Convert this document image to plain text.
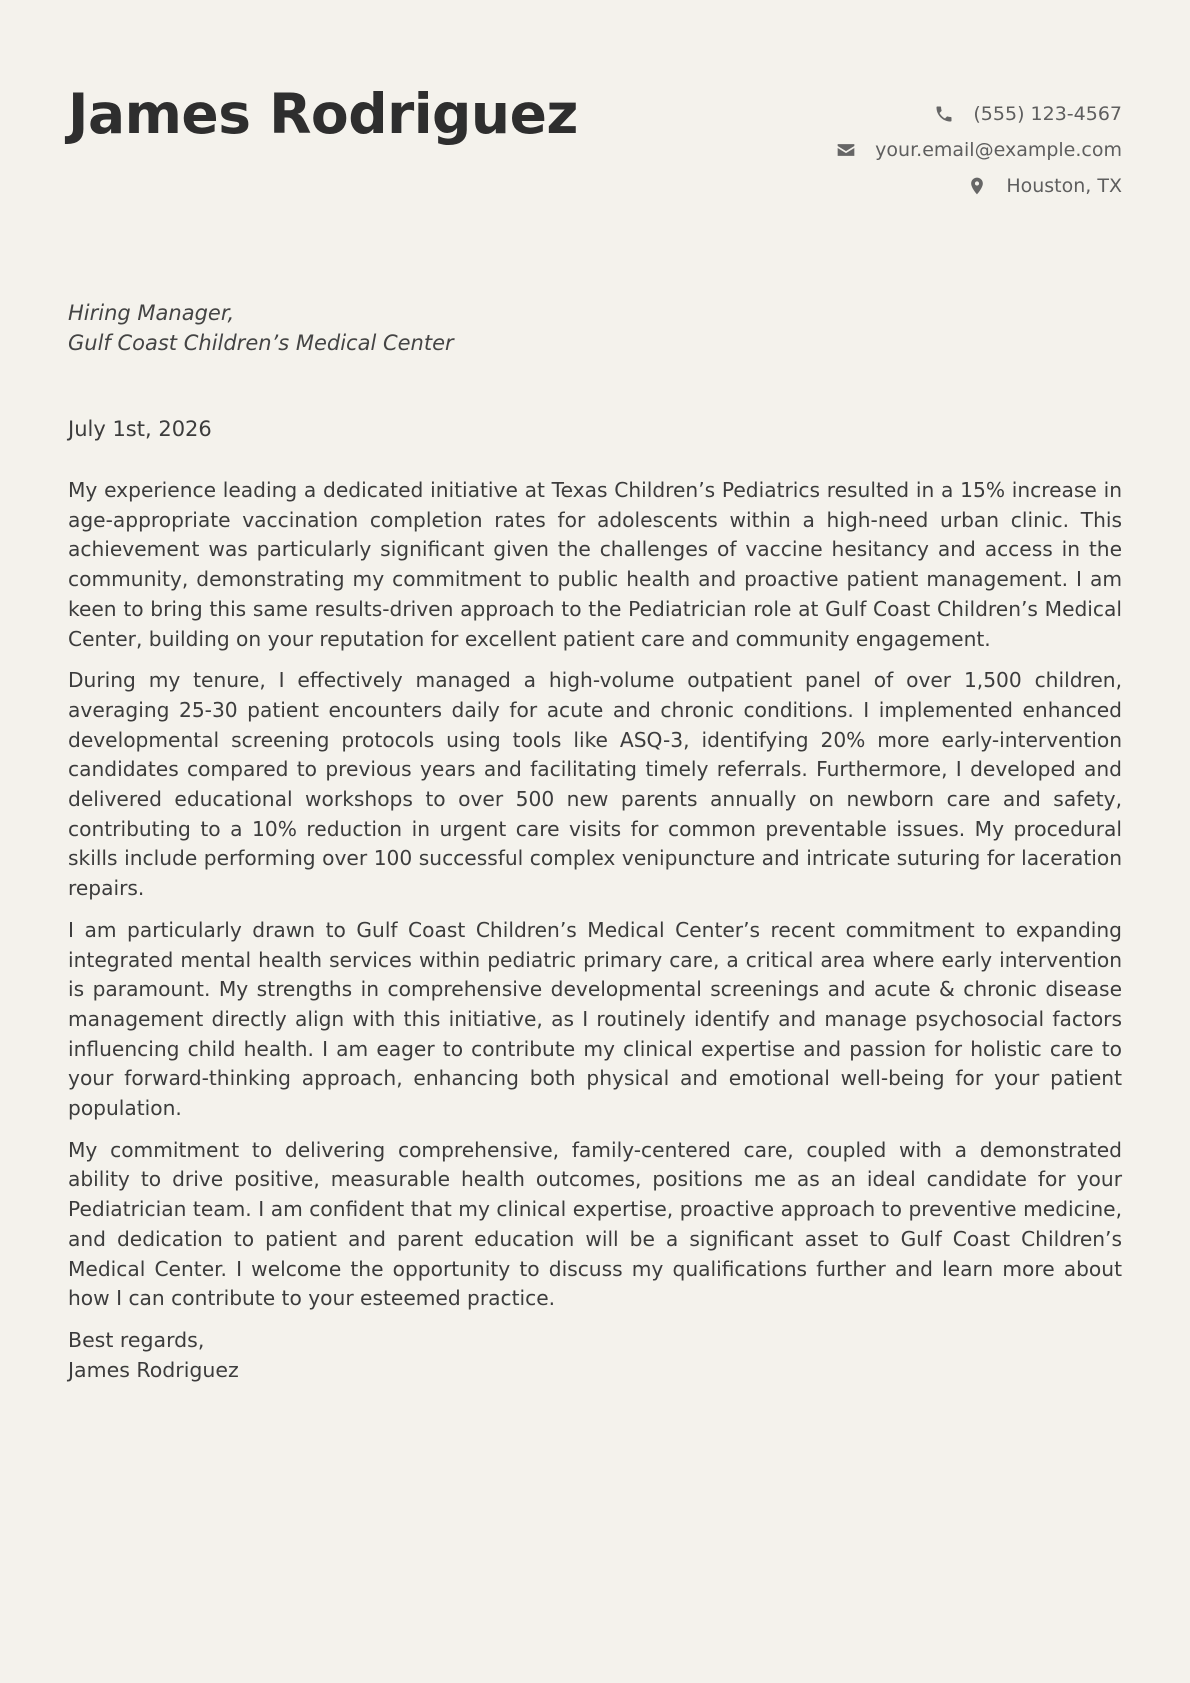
James Rodriguez	(555) 123-4567
your.email@example.com
Houston, TX
Hiring Manager,
Gulf Coast Children’s Medical Center
July 1st, 2026

My experience leading a dedicated initiative at Texas Children’s Pediatrics resulted in a 15% increase in age-appropriate vaccination completion rates for adolescents within a high-need urban clinic. This achievement was particularly significant given the challenges of vaccine hesitancy and access in the community, demonstrating my commitment to public health and proactive patient management. I am keen to bring this same results-driven approach to the Pediatrician role at Gulf Coast Children’s Medical Center, building on your reputation for excellent patient care and community engagement.

During my tenure, I effectively managed a high-volume outpatient panel of over 1,500 children, averaging 25-30 patient encounters daily for acute and chronic conditions. I implemented enhanced developmental screening protocols using tools like ASQ-3, identifying 20% more early-intervention candidates compared to previous years and facilitating timely referrals. Furthermore, I developed and delivered educational workshops to over 500 new parents annually on newborn care and safety, contributing to a 10% reduction in urgent care visits for common preventable issues. My procedural skills include performing over 100 successful complex venipuncture and intricate suturing for laceration repairs.

I am particularly drawn to Gulf Coast Children’s Medical Center’s recent commitment to expanding integrated mental health services within pediatric primary care, a critical area where early intervention is paramount. My strengths in comprehensive developmental screenings and acute & chronic disease management directly align with this initiative, as I routinely identify and manage psychosocial factors influencing child health. I am eager to contribute my clinical expertise and passion for holistic care to your forward-thinking approach, enhancing both physical and emotional well-being for your patient population.

My commitment to delivering comprehensive, family-centered care, coupled with a demonstrated ability to drive positive, measurable health outcomes, positions me as an ideal candidate for your Pediatrician team. I am confident that my clinical expertise, proactive approach to preventive medicine, and dedication to patient and parent education will be a significant asset to Gulf Coast Children’s Medical Center. I welcome the opportunity to discuss my qualifications further and learn more about how I can contribute to your esteemed practice.

Best regards,
James Rodriguez
